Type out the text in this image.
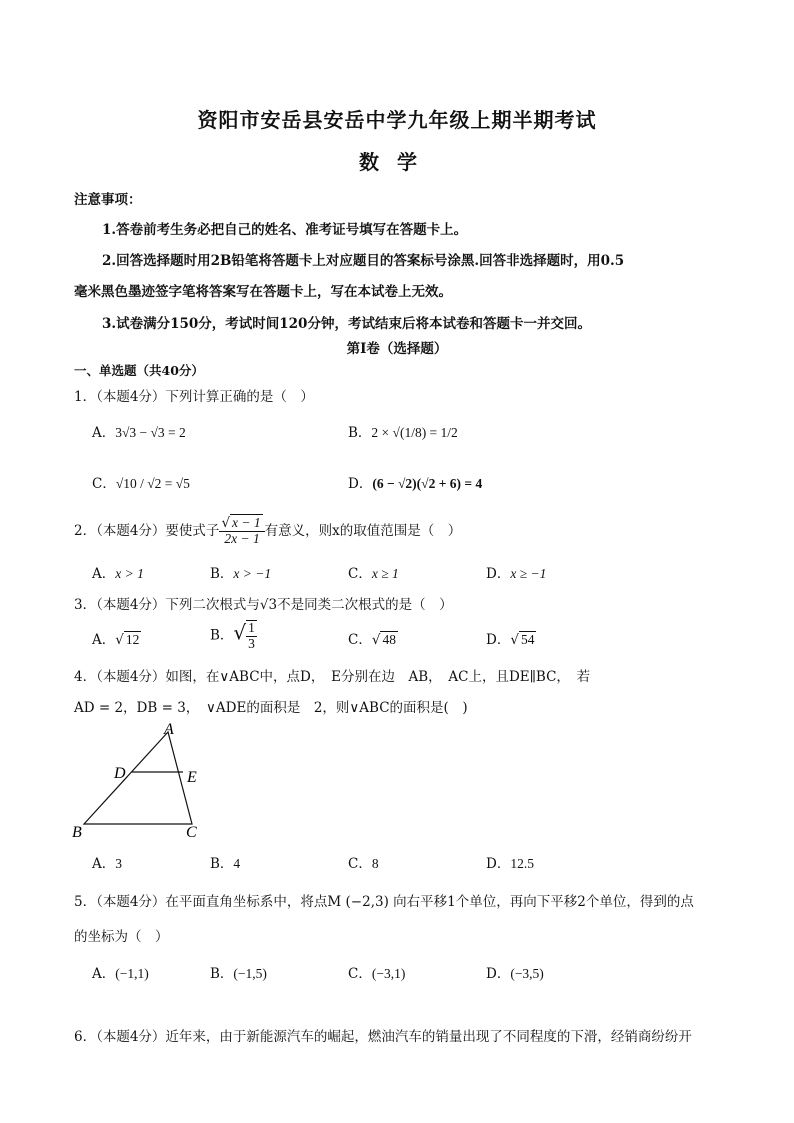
资阳市安岳县安岳中学九年级上期半期考试
数学
注意事项：
1.答卷前考生务必把自己的姓名、准考证号填写在答题卡上。
2.回答选择题时用2B铅笔将答题卡上对应题目的答案标号涂黑.回答非选择题时，用0.5
毫米黑色墨迹签字笔将答案写在答题卡上，写在本试卷上无效。
3.试卷满分150分，考试时间120分钟，考试结束后将本试卷和答题卡一并交回。
第I卷（选择题）
一、单选题（共40分）
1．（本题4分）下列计算正确的是（　）
A．3√3 − √3 = 2	B．2 × √(1/8) = 1/2
C．√10 / √2 = √5	D．(6 − √2)(√2 + 6) = 4
2．（本题4分）要使式子 $\frac{√ x - 1}{2x - 1}$ 有意义，则x的取值范围是（　）
A．x > 1	B．x > −1	C．x ≥ 1	D．x ≥ −1
3．（本题4分）下列二次根式与√3不是同类二次根式的是（　）
A．√ 12	B．√ $\frac{1}{3}$	C．√ 48	D．√ 54
4．（本题4分）如图，在∨ABC中，点D，　E分别在边　AB，　AC上，且DE∥BC，　若
AD = 2，DB = 3，　∨ADE的面积是　2，则∨ABC的面积是(　)
A
D	E
B	C
A．3	B．4	C．8	D．12.5
5．（本题4分）在平面直角坐标系中，将点M (−2,3) 向右平移1个单位，再向下平移2个单位，得到的点
的坐标为（　）
A．(−1,1)	B．(−1,5)	C．(−3,1)	D．(−3,5)
6．（本题4分）近年来，由于新能源汽车的崛起，燃油汽车的销量出现了不同程度的下滑，经销商纷纷开
